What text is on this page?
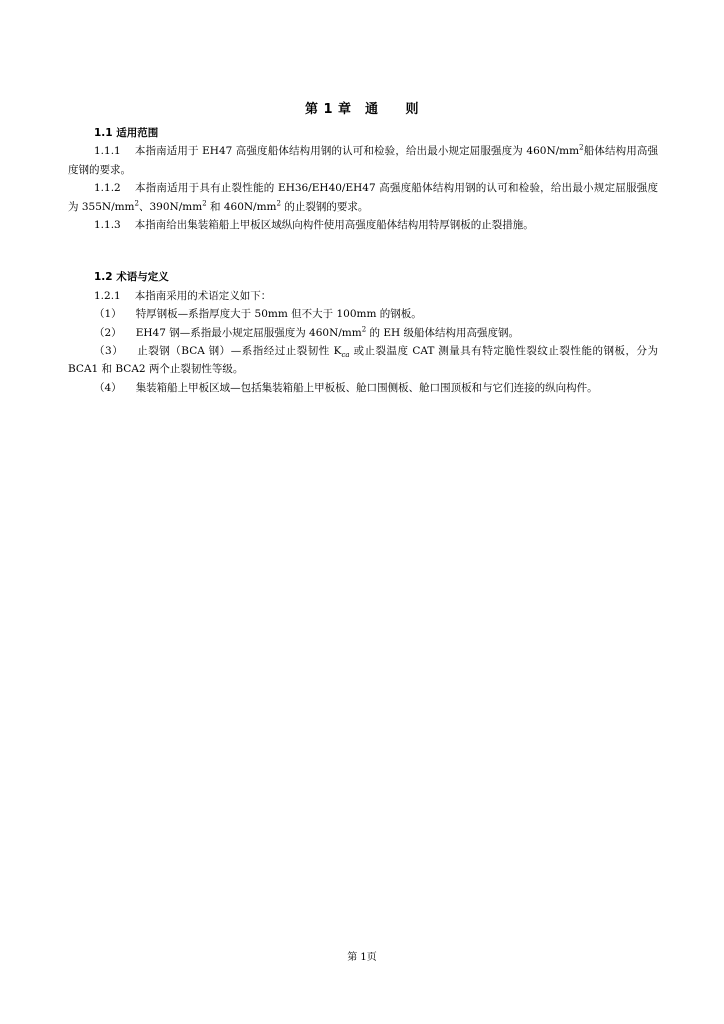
第 1 章　通　　则

1.1 适用范围

1.1.1 本指南适用于 EH47 高强度船体结构用钢的认可和检验，给出最小规定屈服强度为 $460N/mm^2$船体结构用高强度钢的要求。

1.1.2 本指南适用于具有止裂性能的 EH36/EH40/EH47 高强度船体结构用钢的认可和检验，给出最小规定屈服强度为 $355N/mm^2$、$390N/mm^2$ 和 $460N/mm^2$ 的止裂钢的要求。

1.1.3 本指南给出集装箱船上甲板区域纵向构件使用高强度船体结构用特厚钢板的止裂措施。

1.2 术语与定义

1.2.1 本指南采用的术语定义如下：

（1） 特厚钢板—系指厚度大于 50mm 但不大于 100mm 的钢板。

（2） EH47 钢—系指最小规定屈服强度为 $460N/mm^2$ 的 EH 级船体结构用高强度钢。

（3） 止裂钢（BCA 钢）—系指经过止裂韧性 $K_{ca}$ 或止裂温度 CAT 测量具有特定脆性裂纹止裂性能的钢板，分为 BCA1 和 BCA2 两个止裂韧性等级。

（4） 集装箱船上甲板区域—包括集装箱船上甲板板、舱口围侧板、舱口围顶板和与它们连接的纵向构件。

第 1页
